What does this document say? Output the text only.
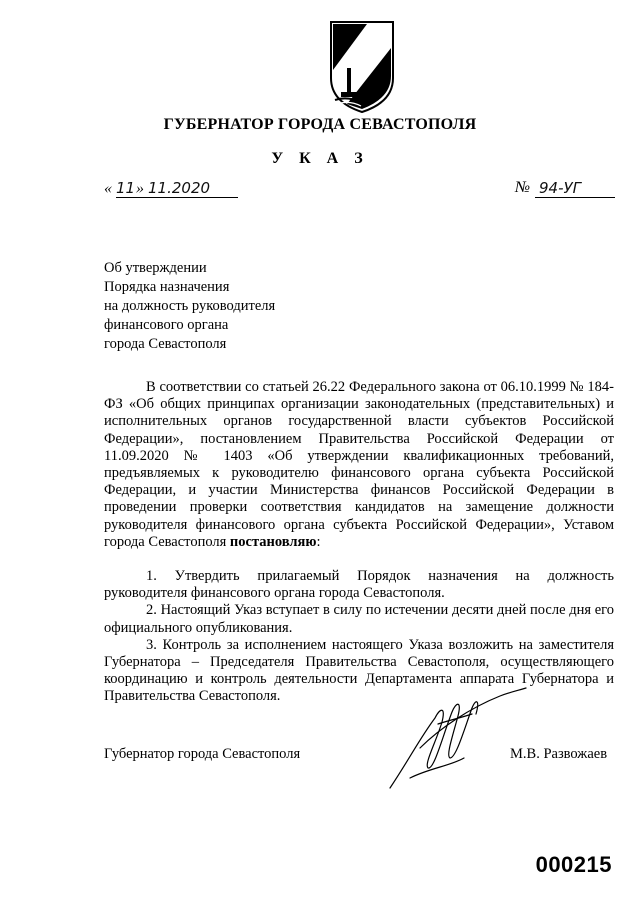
ГУБЕРНАТОР ГОРОДА СЕВАСТОПОЛЯ
У К А З
« 11 » 11.2020	№ 94-УГ
Об утверждении
Порядка назначения
на должность руководителя
финансового органа
города Севастополя

В соответствии со статьей 26.22 Федерального закона от 06.10.1999 № 184-ФЗ «Об общих принципах организации законодательных (представительных) и исполнительных органов государственной власти субъектов Российской Федерации», постановлением Правительства Российской Федерации от 11.09.2020 № 1403 «Об утверждении квалификационных требований, предъявляемых к руководителю финансового органа субъекта Российской Федерации, и участии Министерства финансов Российской Федерации в проведении проверки соответствия кандидатов на замещение должности руководителя финансового органа субъекта Российской Федерации», Уставом города Севастополя постановляю:

1. Утвердить прилагаемый Порядок назначения на должность руководителя финансового органа города Севастополя.

2. Настоящий Указ вступает в силу по истечении десяти дней после дня его официального опубликования.

3. Контроль за исполнением настоящего Указа возложить на заместителя Губернатора – Председателя Правительства Севастополя, осуществляющего координацию и контроль деятельности Департамента аппарата Губернатора и Правительства Севастополя.

Губернатор города Севастополя	М.В. Развожаев
000215
